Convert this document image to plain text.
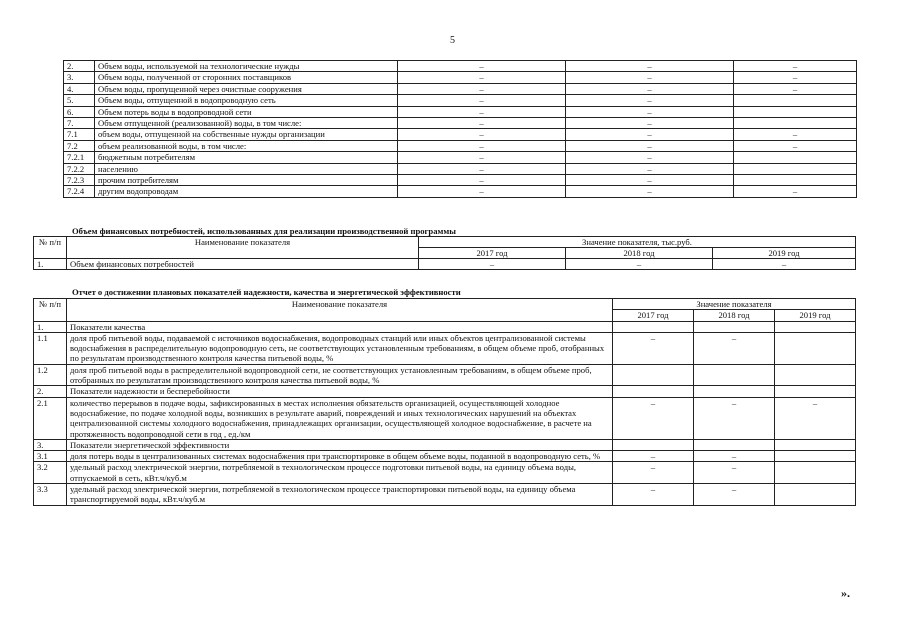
5
2.	Объем воды, используемой на технологические нужды	–	–	–
3.	Объем воды, полученной от сторонних поставщиков	–	–	–
4.	Объем воды, пропущенной через очистные сооружения	–	–	–
5.	Объем воды, отпущенной в водопроводную сеть	–	–	
6.	Объем потерь воды в водопроводной сети	–	–	
7.	Объем отпущенной (реализованной) воды, в том числе:	–	–	
7.1	объем воды, отпущенной на собственные нужды организации	–	–	–
7.2	объем реализованной воды, в том числе:	–	–	–
7.2.1	бюджетным потребителям	–	–	
7.2.2	населению	–	–	
7.2.3	прочим потребителям	–	–	
7.2.4	другим водопроводам	–	–	–
Объем финансовых потребностей, использованных для реализации производственной программы
№ п/п	Наименование показателя	Значение показателя, тыс.руб.		
		2017 год	2018 год	2019 год
1.	Объем финансовых потребностей	–	–	–
Отчет о достижении плановых показателей надежности, качества и энергетической эффективности
№ п/п	Наименование показателя	Значение показателя		
		2017 год	2018 год	2019 год
1.	Показатели качества			
1.1	доля проб питьевой воды, подаваемой с источников водоснабжения, водопроводных станций или иных объектов централизованной системы водоснабжения в распределительную водопроводную сеть, не соответствующих установленным требованиям, в общем объеме проб, отобранных по результатам производственного контроля качества питьевой воды, %	–	–	
1.2	доля проб питьевой воды в распределительной водопроводной сети, не соответствующих установленным требованиям, в общем объеме проб, отобранных по результатам производственного контроля качества питьевой воды, %			
2.	Показатели надежности и бесперебойности			
2.1	количество перерывов в подаче воды, зафиксированных в местах исполнения обязательств организацией, осуществляющей холодное водоснабжение, по подаче холодной воды, возникших в результате аварий, повреждений и иных технологических нарушений на объектах централизованной системы холодного водоснабжения, принадлежащих организации, осуществляющей холодное водоснабжение, в расчете на протяженность водопроводной сети в год , ед./км	–	–	–
3.	Показатели энергетической эффективности			
3.1	доля потерь воды в централизованных системах водоснабжения при транспортировке в общем объеме воды, поданной в водопроводную сеть, %	–	–	
3.2	удельный расход электрической энергии, потребляемой в технологическом процессе подготовки питьевой воды, на единицу объема воды, отпускаемой в сеть, кВт.ч/куб.м	–	–	
3.3	удельный расход электрической энергии, потребляемой в технологическом процессе транспортировки питьевой воды, на единицу объема транспортируемой воды, кВт.ч/куб.м	–	–	
».
